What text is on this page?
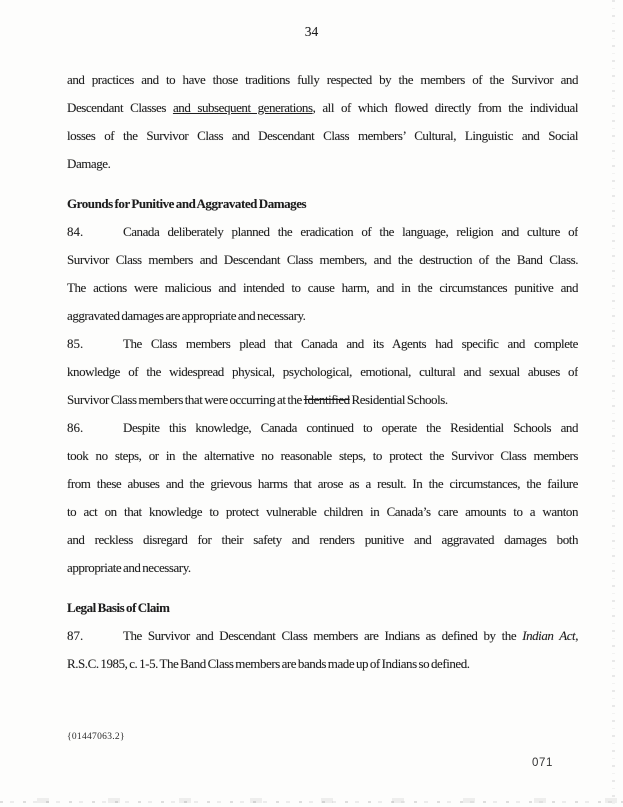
34
and practices and to have those traditions fully respected by the members of the Survivor and
Descendant Classes and subsequent generations, all of which flowed directly from the individual
losses of the Survivor Class and Descendant Class members’ Cultural, Linguistic and Social
Damage.
Grounds for Punitive and Aggravated Damages
84.	Canada deliberately planned the eradication of the language, religion and culture of
Survivor Class members and Descendant Class members, and the destruction of the Band Class.
The actions were malicious and intended to cause harm, and in the circumstances punitive and
aggravated damages are appropriate and necessary.
85.	The Class members plead that Canada and its Agents had specific and complete
knowledge of the widespread physical, psychological, emotional, cultural and sexual abuses of
Survivor Class members that were occurring at the Identified Residential Schools.
86.	Despite this knowledge, Canada continued to operate the Residential Schools and
took no steps, or in the alternative no reasonable steps, to protect the Survivor Class members
from these abuses and the grievous harms that arose as a result. In the circumstances, the failure
to act on that knowledge to protect vulnerable children in Canada’s care amounts to a wanton
and reckless disregard for their safety and renders punitive and aggravated damages both
appropriate and necessary.
Legal Basis of Claim
87.	The Survivor and Descendant Class members are Indians as defined by the Indian Act,
R.S.C. 1985, c. 1-5. The Band Class members are bands made up of Indians so defined.
{01447063.2}
071
